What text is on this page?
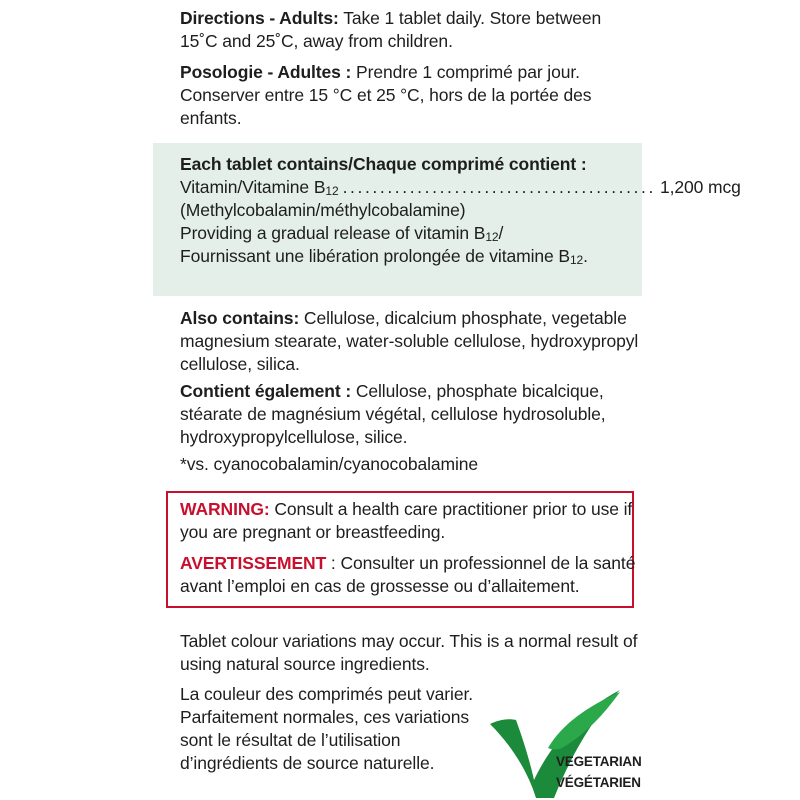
Directions - Adults: Take 1 tablet daily. Store between 15˚C and 25˚C, away from children.

Posologie - Adultes : Prendre 1 comprimé par jour. Conserver entre 15 °C et 25 °C, hors de la portée des enfants.

Each tablet contains/Chaque comprimé contient :

Vitamin/Vitamine $B_{12}$ .......................................... 1,200 mcg

(Methylcobalamin/méthylcobalamine)

Providing a gradual release of vitamin $B_{12}/$

Fournissant une libération prolongée de vitamine $B_{12}$.

Also contains: Cellulose, dicalcium phosphate, vegetable magnesium stearate, water-soluble cellulose, hydroxypropyl cellulose, silica.

Contient également : Cellulose, phosphate bicalcique, stéarate de magnésium végétal, cellulose hydrosoluble, hydroxypropylcellulose, silice.

*vs. cyanocobalamin/cyanocobalamine

WARNING: Consult a health care practitioner prior to use if you are pregnant or breastfeeding.

AVERTISSEMENT : Consulter un professionnel de la santé avant l’emploi en cas de grossesse ou d’allaitement.

Tablet colour variations may occur. This is a normal result of using natural source ingredients.

La couleur des comprimés peut varier. Parfaitement normales, ces variations sont le résultat de l’utilisation d’ingrédients de source naturelle.	VEGETARIAN
VÉGÉTARIEN
